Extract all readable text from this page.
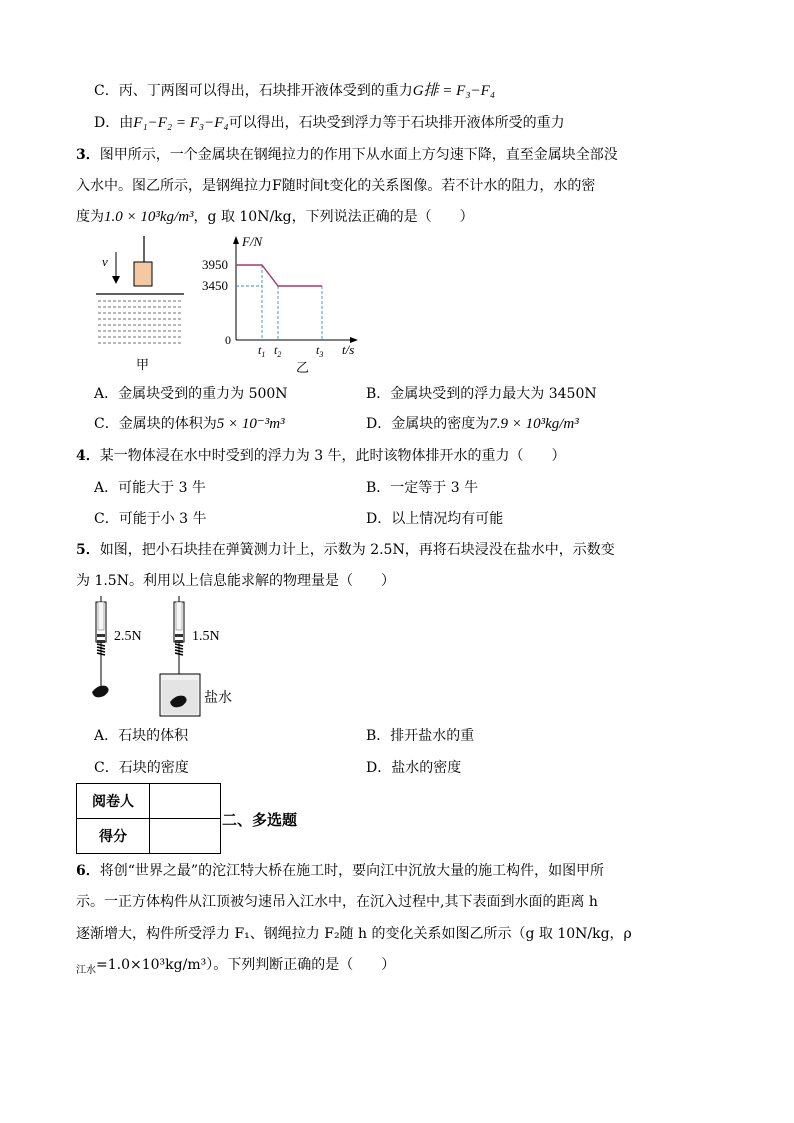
C．丙、丁两图可以得出，石块排开液体受到的重力G排 = F₃−F₄
D．由F₁−F₂ = F₃−F₄可以得出，石块受到浮力等于石块排开液体所受的重力
3．图甲所示，一个金属块在钢绳拉力的作用下从水面上方匀速下降，直至金属块全部没
入水中。图乙所示，是钢绳拉力F随时间t变化的关系图像。若不计水的阻力，水的密
度为1.0 × 10³kg/m³，g 取 10N/kg，下列说法正确的是（　　）
v
甲
F/N
t/s
0
3950
3450
$t_1$ $t_2$	$t_3$
乙
A．金属块受到的重力为 500N	B．金属块受到的浮力最大为 3450N
C．金属块的体积为5 × 10⁻³m³	D．金属块的密度为7.9 × 10³kg/m³
4．某一物体浸在水中时受到的浮力为 3 牛，此时该物体排开水的重力（　　）
A．可能大于 3 牛	B．一定等于 3 牛
C．可能于小 3 牛	D．以上情况均有可能
5．如图，把小石块挂在弹簧测力计上，示数为 2.5N，再将石块浸没在盐水中，示数变
为 1.5N。利用以上信息能求解的物理量是（　　）
2.5N	1.5N
盐水
A．石块的体积	B．排开盐水的重
C．石块的密度	D．盐水的密度
阅卷人	
得分	
二、多选题
6．将创“世界之最”的沱江特大桥在施工时，要向江中沉放大量的施工构件，如图甲所
示。一正方体构件从江顶被匀速吊入江水中，在沉入过程中,其下表面到水面的距离 h
逐渐增大，构件所受浮力 F₁、钢绳拉力 F₂随 h 的变化关系如图乙所示（g 取 10N/kg，ρ
$_{江水}$=1.0×10³kg/m³）。下列判断正确的是（　　）
